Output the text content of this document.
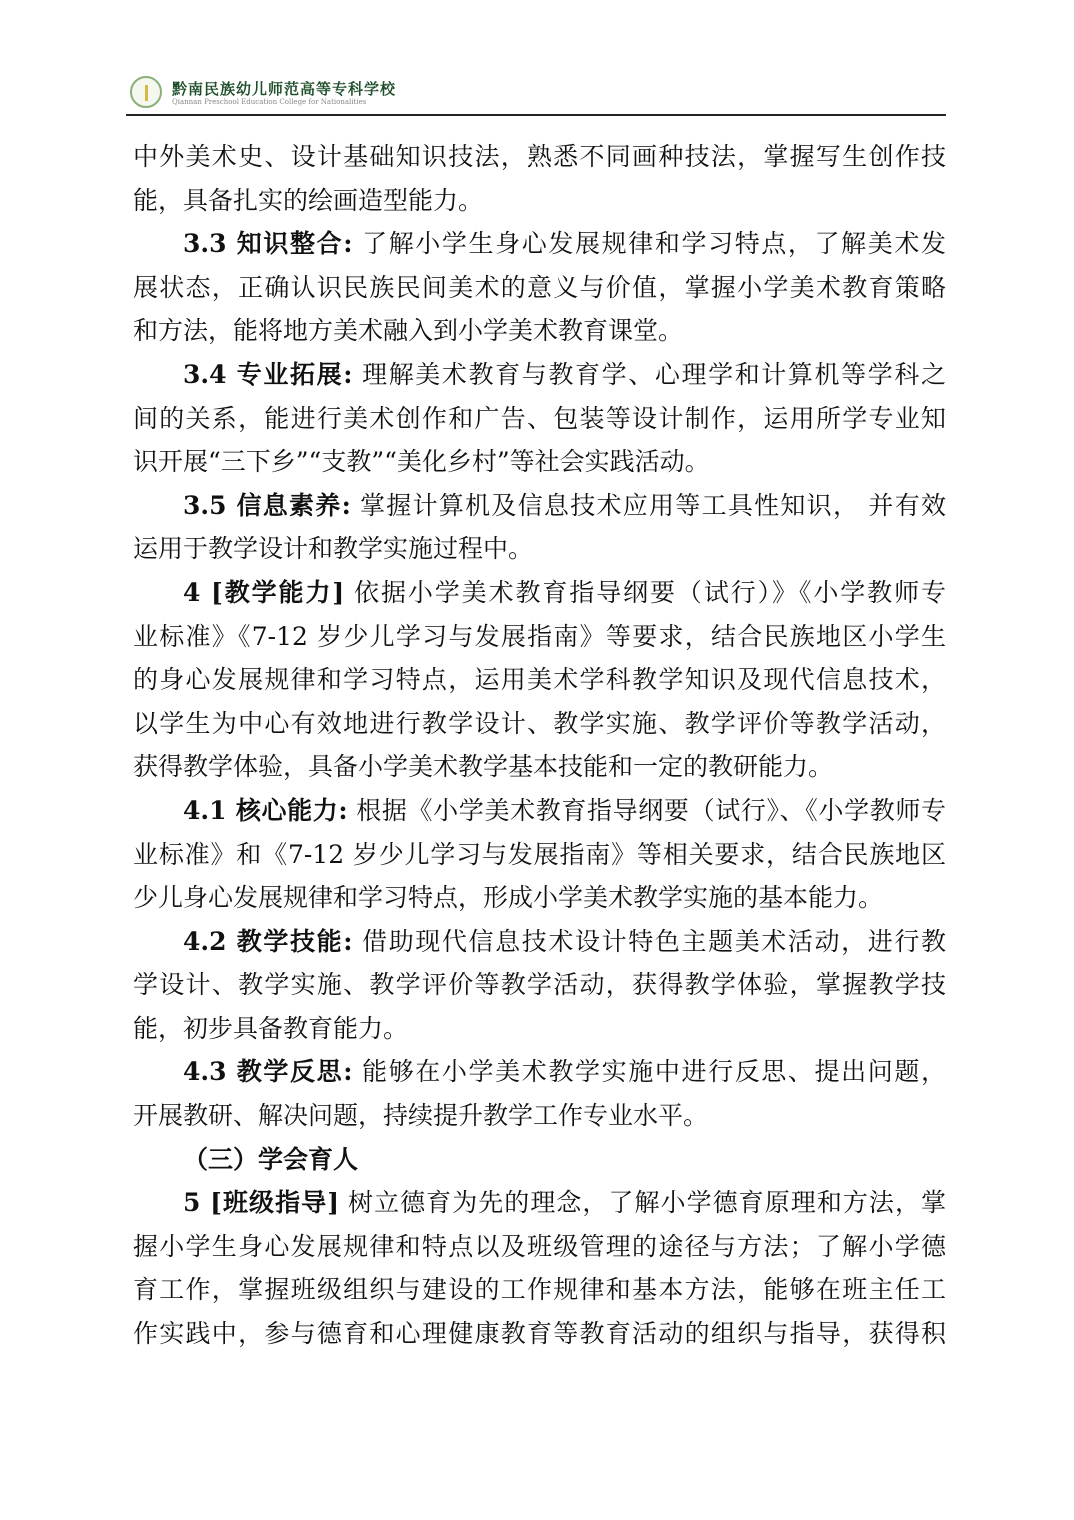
黔南民族幼儿师范高等专科学校
Qiannan Preschool Education College for Nationalities
中外美术史、设计基础知识技法，熟悉不同画种技法，掌握写生创作技
能，具备扎实的绘画造型能力。
3.3 知识整合: 了解小学生身心发展规律和学习特点，了解美术发
展状态，正确认识民族民间美术的意义与价值，掌握小学美术教育策略
和方法，能将地方美术融入到小学美术教育课堂。
3.4 专业拓展: 理解美术教育与教育学、心理学和计算机等学科之
间的关系，能进行美术创作和广告、包装等设计制作，运用所学专业知
识开展“三下乡”“支教”“美化乡村”等社会实践活动。
3.5 信息素养: 掌握计算机及信息技术应用等工具性知识， 并有效
运用于教学设计和教学实施过程中。
4 [教学能力] 依据小学美术教育指导纲要（试行）》《小学教师专
业标准》《7-12 岁少儿学习与发展指南》等要求，结合民族地区小学生
的身心发展规律和学习特点，运用美术学科教学知识及现代信息技术，
以学生为中心有效地进行教学设计、教学实施、教学评价等教学活动，
获得教学体验，具备小学美术教学基本技能和一定的教研能力。
4.1 核心能力: 根据《小学美术教育指导纲要（试行》、《小学教师专
业标准》和《7-12 岁少儿学习与发展指南》等相关要求，结合民族地区
少儿身心发展规律和学习特点，形成小学美术教学实施的基本能力。
4.2 教学技能: 借助现代信息技术设计特色主题美术活动，进行教
学设计、教学实施、教学评价等教学活动，获得教学体验，掌握教学技
能，初步具备教育能力。
4.3 教学反思: 能够在小学美术教学实施中进行反思、提出问题，
开展教研、解决问题，持续提升教学工作专业水平。
（三）学会育人
5 [班级指导] 树立德育为先的理念，了解小学德育原理和方法，掌
握小学生身心发展规律和特点以及班级管理的途径与方法；了解小学德
育工作，掌握班级组织与建设的工作规律和基本方法，能够在班主任工
作实践中，参与德育和心理健康教育等教育活动的组织与指导，获得积
